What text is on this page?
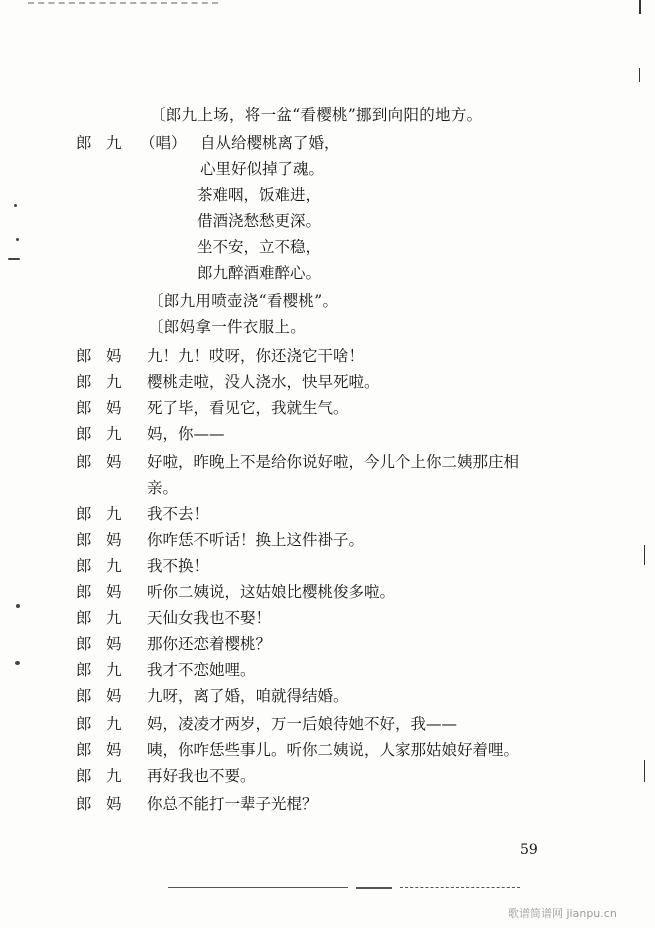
〔郎九上场，将一盆“看樱桃”挪到向阳的地方。
郎 九	（唱） 自从给樱桃离了婚，
心里好似掉了魂。
茶难咽，饭难进，
借酒浇愁愁更深。
坐不安，立不稳，
郎九醉酒难醉心。
〔郎九用喷壶浇“看樱桃”。
〔郎妈拿一件衣服上。
郎 妈	九！九！哎呀，你还浇它干啥！
郎 九	樱桃走啦，没人浇水，快早死啦。
郎 妈	死了毕，看见它，我就生气。
郎 九	妈，你——
郎 妈	好啦，昨晚上不是给你说好啦，今儿个上你二姨那庄相
亲。
郎 九	我不去！
郎 妈	你咋恁不听话！换上这件褂子。
郎 九	我不换！
郎 妈	听你二姨说，这姑娘比樱桃俊多啦。
郎 九	天仙女我也不娶！
郎 妈	那你还恋着樱桃？
郎 九	我才不恋她哩。
郎 妈	九呀，离了婚，咱就得结婚。
郎 九	妈，凌凌才两岁，万一后娘待她不好，我——
郎 妈	咦，你咋恁些事儿。听你二姨说，人家那姑娘好着哩。
郎 九	再好我也不要。
郎 妈	你总不能打一辈子光棍？
59
歌谱简谱网 jianpu.cn
